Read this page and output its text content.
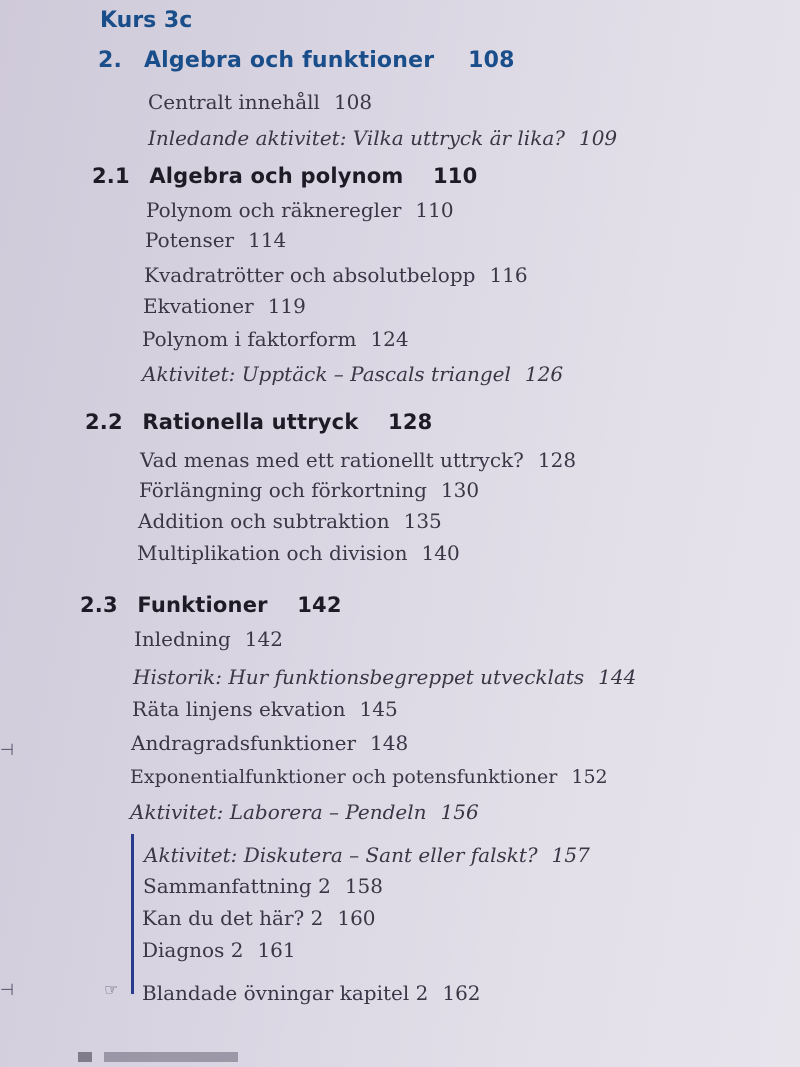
Kurs 3c
2. Algebra och funktioner 108
Centralt innehåll 108
Inledande aktivitet: Vilka uttryck är lika? 109
2.1 Algebra och polynom 110
Polynom och räkneregler 110
Potenser 114
Kvadratrötter och absolutbelopp 116
Ekvationer 119
Polynom i faktorform 124
Aktivitet: Upptäck – Pascals triangel 126
2.2 Rationella uttryck 128
Vad menas med ett rationellt uttryck? 128
Förlängning och förkortning 130
Addition och subtraktion 135
Multiplikation och division 140
2.3 Funktioner 142
Inledning 142
Historik: Hur funktionsbegreppet utvecklats 144
Räta linjens ekvation 145
Andragradsfunktioner 148
Exponentialfunktioner och potensfunktioner 152
Aktivitet: Laborera – Pendeln 156
Aktivitet: Diskutera – Sant eller falskt? 157
Sammanfattning 2 158
Kan du det här? 2 160
Diagnos 2 161
Blandade övningar kapitel 2 162
☞
⊣
⊣
